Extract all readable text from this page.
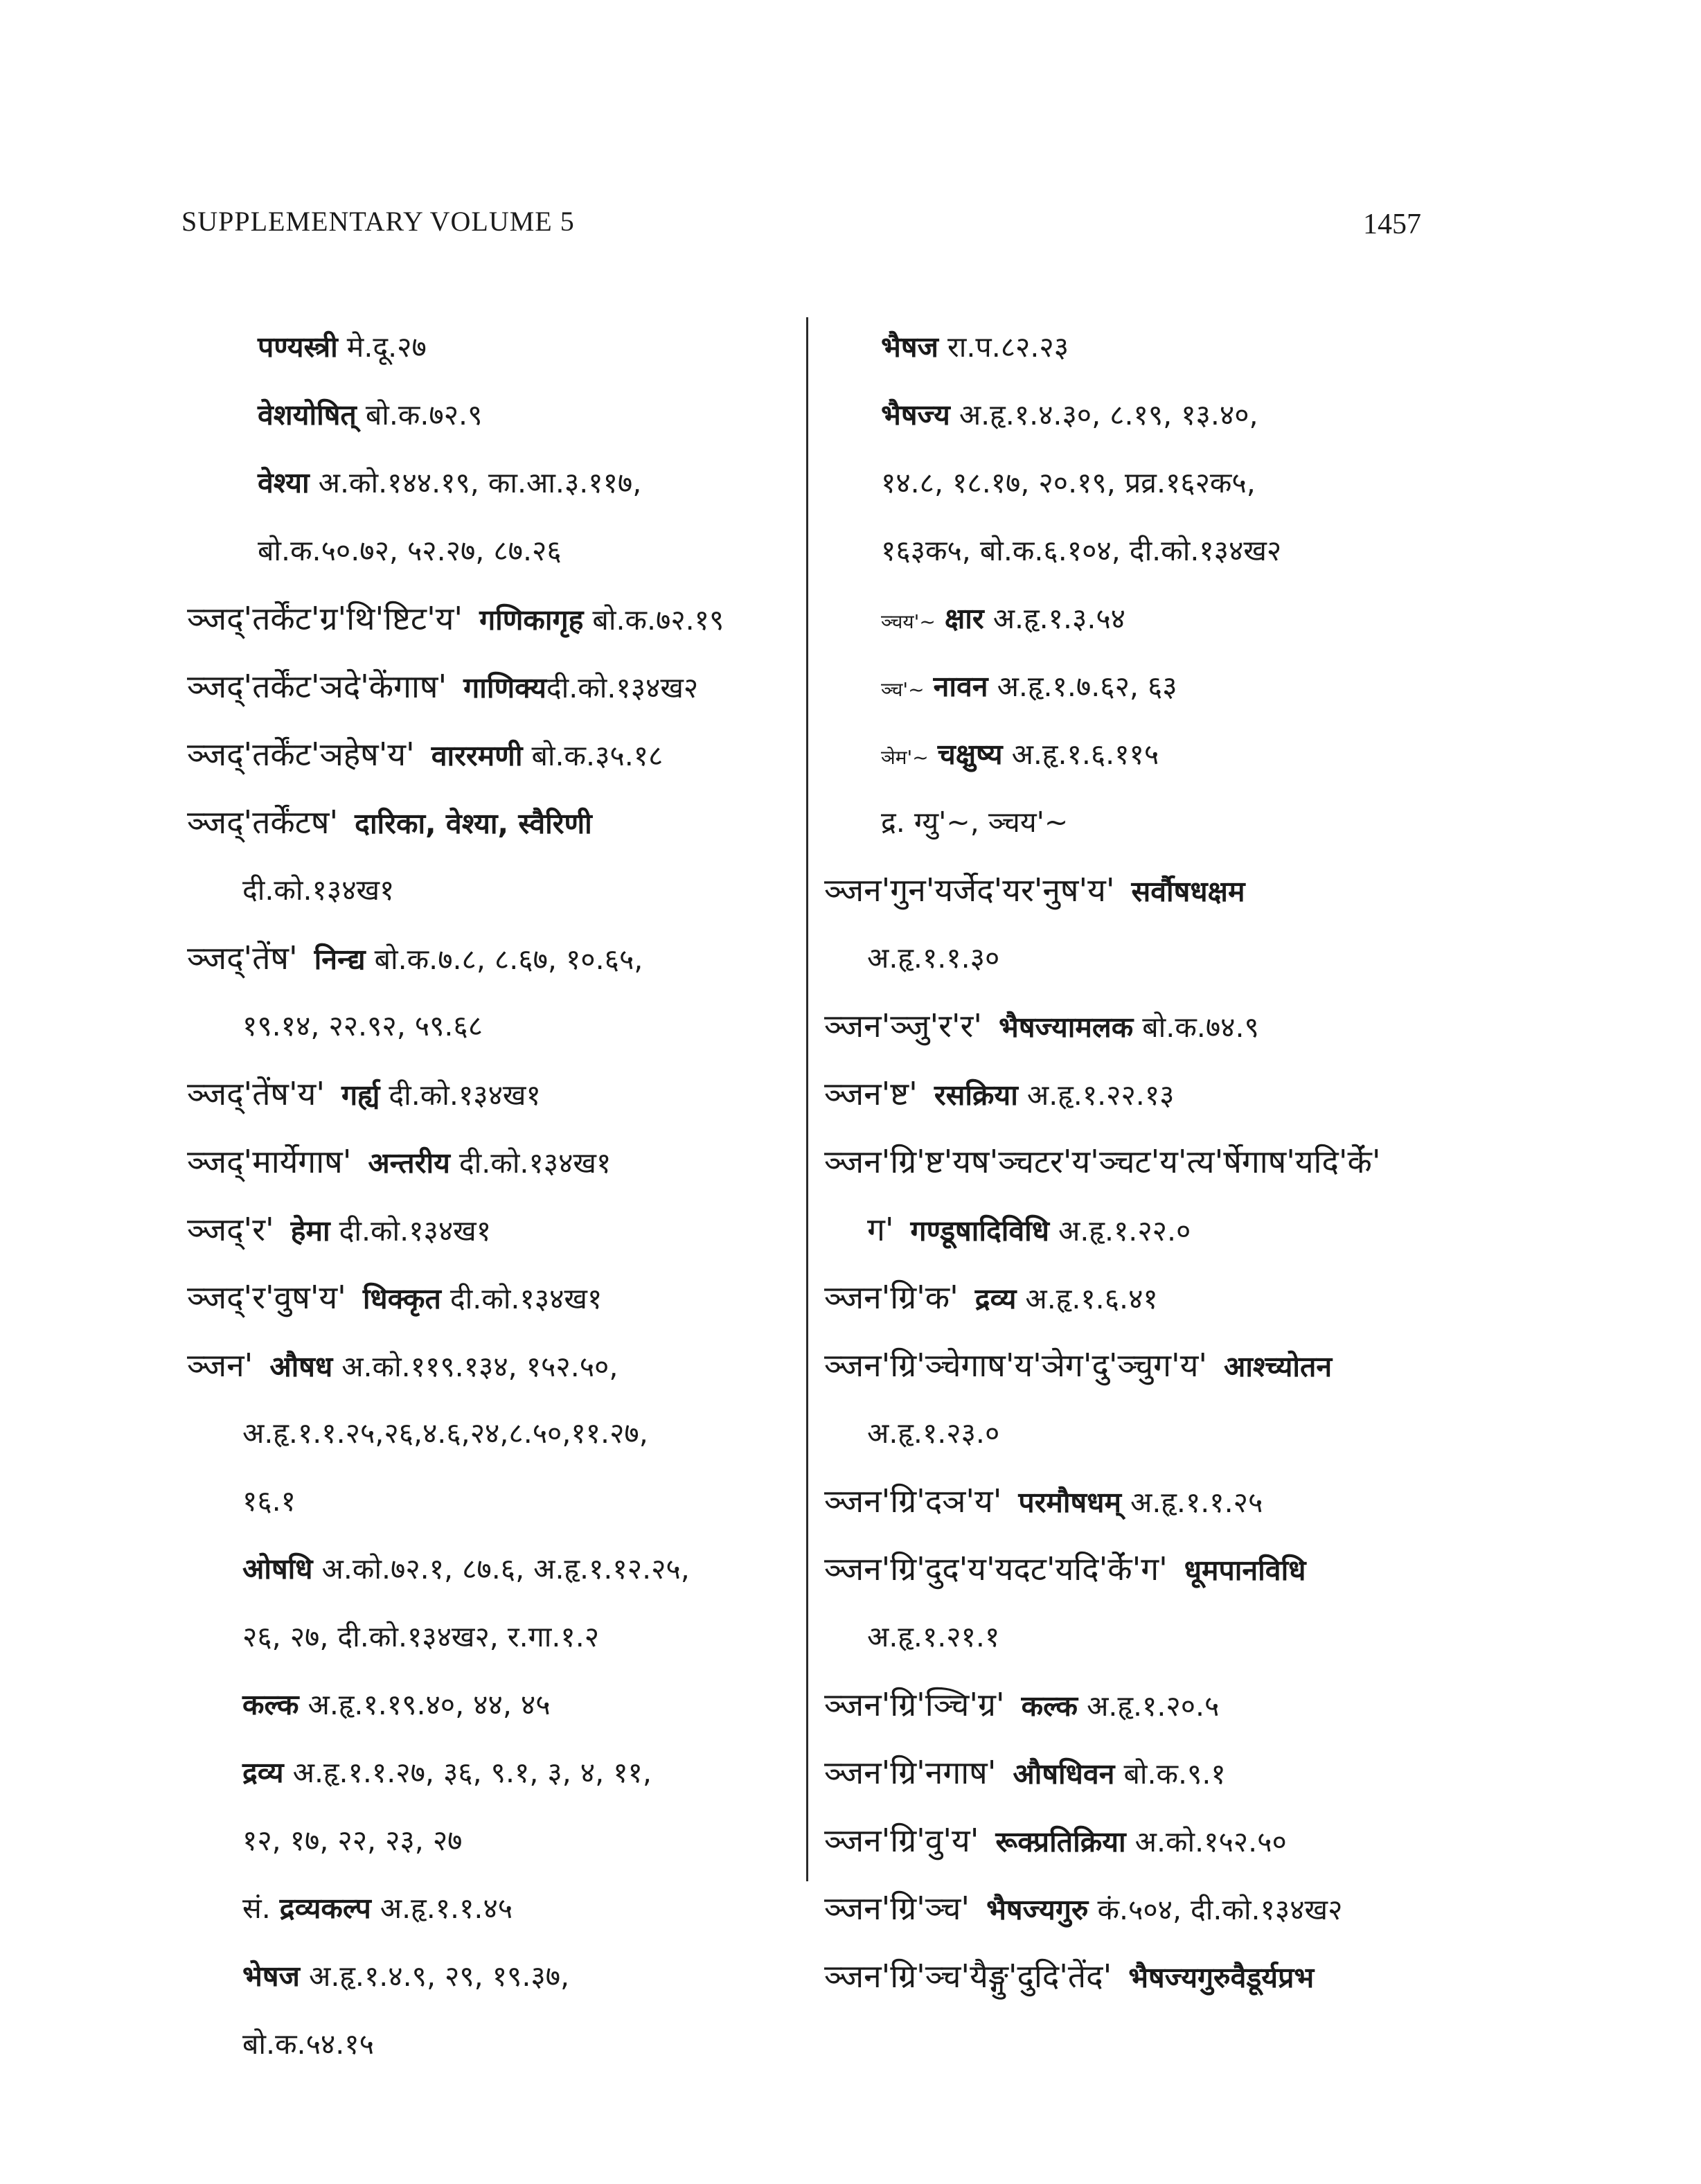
SUPPLEMENTARY VOLUME 5	1457
पण्यस्त्री मे.दू.२७
वेशयोषित् बो.क.७२.९
वेश्या अ.को.१४४.१९, का.आ.३.११७,
बो.क.५०.७२, ५२.२७, ८७.२६
ञ्जद्‌'तर्केंट'ग्र'थि'ष्टिट'य' गणिकागृह बो.क.७२.१९
ञ्जद्‌'तर्केंट'ञदे'केंगाष' गाणिक्यदी.को.१३४ख२
ञ्जद्‌'तर्केंट'ञहेष'य' वाररमणी बो.क.३५.१८
ञ्जद्‌'तर्केंटष' दारिका, वेश्या, स्वैरिणी
दी.को.१३४ख१
ञ्जद्‌'तेंष' निन्द्य बो.क.७.८, ८.६७, १०.६५,
१९.१४, २२.९२, ५९.६८
ञ्जद्‌'तेंष'य' गर्ह्य दी.को.१३४ख१
ञ्जद्‌'मार्येगाष' अन्तरीय दी.को.१३४ख१
ञ्जद्‌'र' हेमा दी.को.१३४ख१
ञ्जद्‌'र'वुष'य' धिक्कृत दी.को.१३४ख१
ञ्जन' औषध अ.को.११९.१३४, १५२.५०,
अ.हृ.१.१.२५,२६,४.६,२४,८.५०,११.२७,
१६.१
ओषधि अ.को.७२.१, ८७.६, अ.हृ.१.१२.२५,
२६, २७, दी.को.१३४ख२, र.गा.१.२
कल्क अ.हृ.१.१९.४०, ४४, ४५
द्रव्य अ.हृ.१.१.२७, ३६, ९.१, ३, ४, ११,
१२, १७, २२, २३, २७
सं. द्रव्यकल्प अ.हृ.१.१.४५
भेषज अ.हृ.१.४.९, २९, १९.३७,
बो.क.५४.१५
भैषज रा.प.८२.२३
भैषज्य अ.हृ.१.४.३०, ८.१९, १३.४०,
१४.८, १८.१७, २०.१९, प्रव्र.१६२क५,
१६३क५, बो.क.६.१०४, दी.को.१३४ख२
ञ्चय'~ क्षार अ.हृ.१.३.५४
ञ्च'~ नावन अ.हृ.१.७.६२, ६३
ञेम'~ चक्षुष्य अ.हृ.१.६.११५
द्र. ग्यु'~, ञ्चय'~
ञ्जन'गुन'यर्जेद'यर'नुष'य' सर्वौषधक्षम
अ.हृ.१.१.३०
ञ्जन'ञ्जु'र'र' भैषज्यामलक बो.क.७४.९
ञ्जन'ष्ट' रसक्रिया अ.हृ.१.२२.१३
ञ्जन'ग्रि'ष्ट'यष'ञ्चटर'य'ञ्चट'य'त्य'र्षेगाष'यदि'केंं'
ग' गण्डूषादिविधि अ.हृ.१.२२.०
ञ्जन'ग्रि'क' द्रव्य अ.हृ.१.६.४१
ञ्जन'ग्रि'ञ्चेगाष'य'ञेग'दु'ञ्चुग'य' आश्च्योतन
अ.हृ.१.२३.०
ञ्जन'ग्रि'दञ'य' परमौषधम् अ.हृ.१.१.२५
ञ्जन'ग्रि'दुद'य'यदट'यदि'केंं'ग' धूमपानविधि
अ.हृ.१.२१.१
ञ्जन'ग्रि'ञ्चि'ग्र' कल्क अ.हृ.१.२०.५
ञ्जन'ग्रि'नगाष' औषधिवन बो.क.९.१
ञ्जन'ग्रि'वु'य' रूक्प्रतिक्रिया अ.को.१५२.५०
ञ्जन'ग्रि'ञ्च' भैषज्यगुरु कं.५०४, दी.को.१३४ख२
ञ्जन'ग्रि'ञ्च'यैङ्गु'दुदि'तेंद' भैषज्यगुरुवैडूर्यप्रभ
